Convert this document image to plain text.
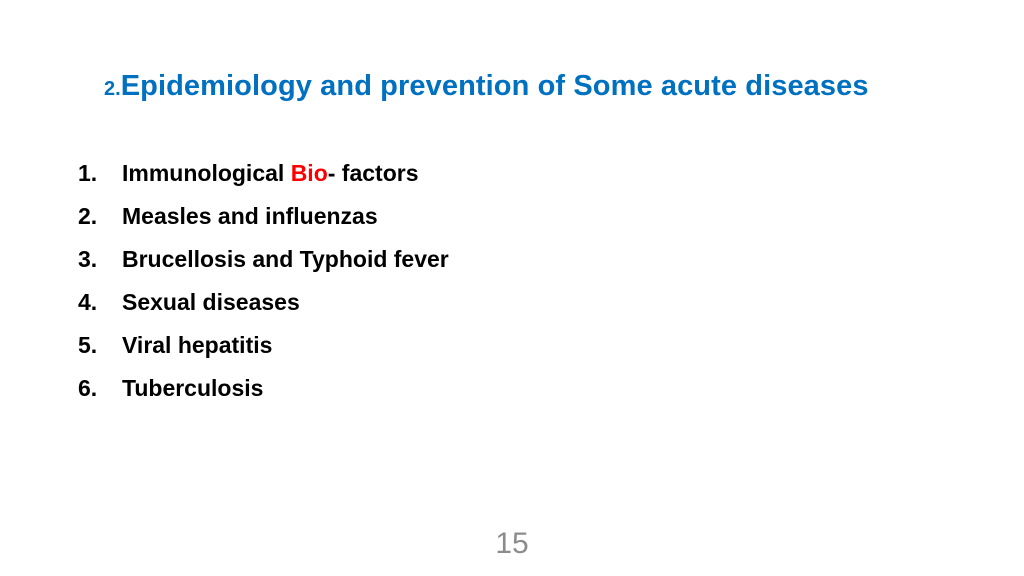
2.Epidemiology and prevention of Some acute diseases
1. Immunological Bio- factors
2. Measles and influenzas
3. Brucellosis and Typhoid fever
4. Sexual diseases
5. Viral hepatitis
6. Tuberculosis
15
